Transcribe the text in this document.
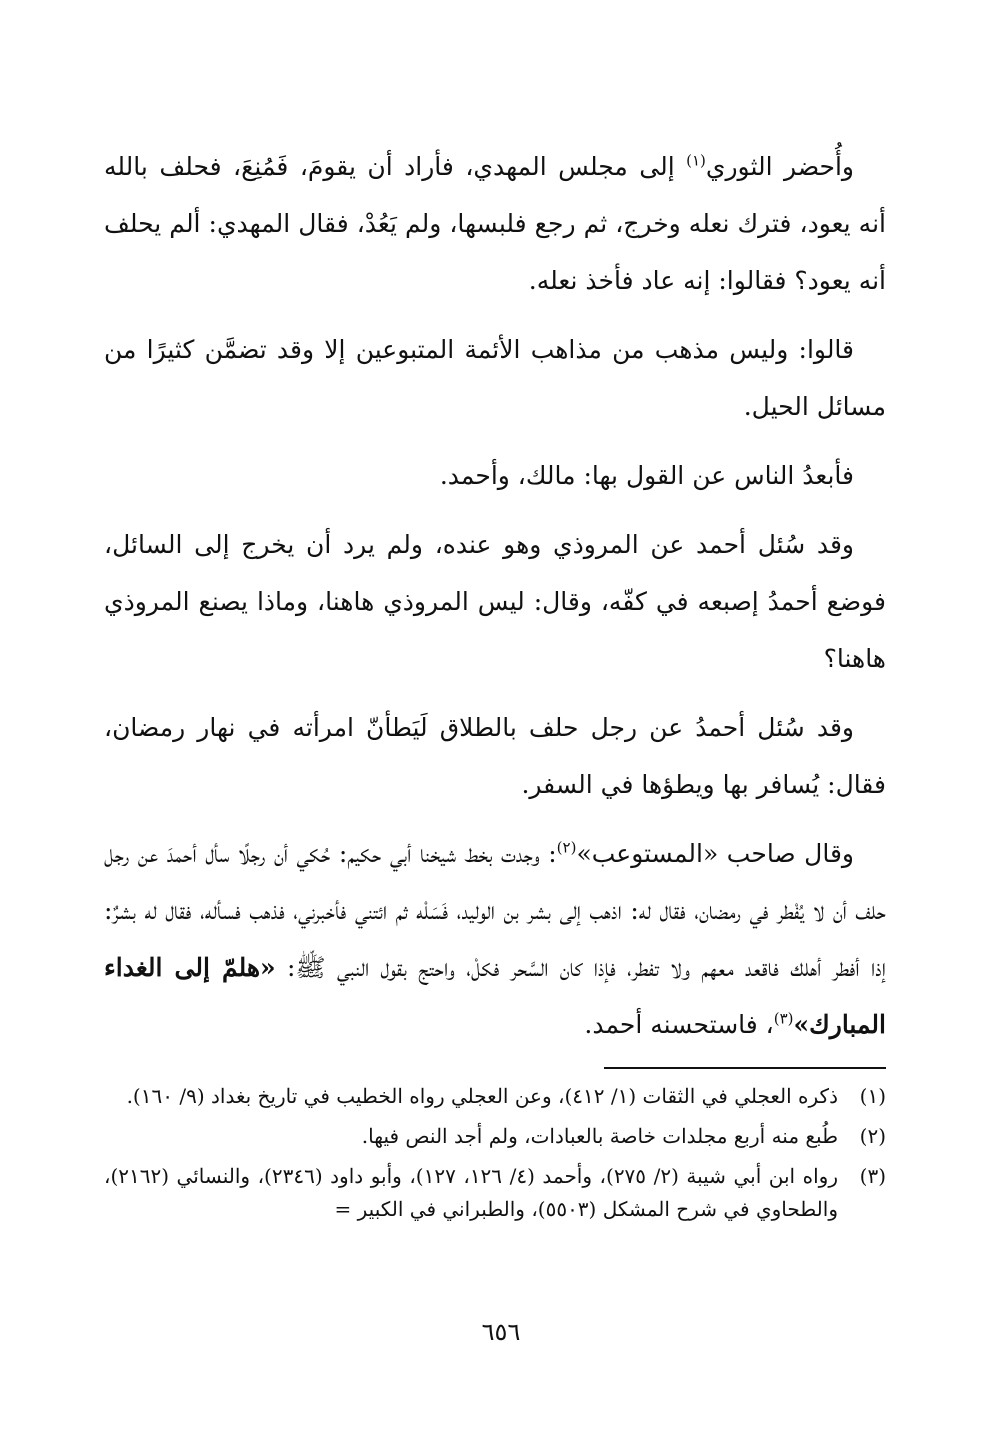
وأُحضر الثوري$^{(١)}$ إلى مجلس المهدي، فأراد أن يقومَ، فَمُنِعَ، فحلف بالله أنه يعود، فترك نعله وخرج، ثم رجع فلبسها، ولم يَعُدْ، فقال المهدي: ألم يحلف أنه يعود؟ فقالوا: إنه عاد فأخذ نعله.

قالوا: وليس مذهب من مذاهب الأئمة المتبوعين إلا وقد تضمَّن كثيرًا من مسائل الحيل.

فأبعدُ الناس عن القول بها: مالك، وأحمد.

وقد سُئل أحمد عن المروذي وهو عنده، ولم يرد أن يخرج إلى السائل، فوضع أحمدُ إصبعه في كفّه، وقال: ليس المروذي هاهنا، وماذا يصنع المروذي هاهنا؟

وقد سُئل أحمدُ عن رجل حلف بالطلاق لَيَطأنّ امرأته في نهار رمضان، فقال: يُسافر بها ويطؤها في السفر.

وقال صاحب «المستوعب»$^{(٢)}$: وجدت بخط شيخنا أبي حكيم: حُكي أن رجلًا سأل أحمدَ عن رجل حلف أن لا يُفْطر في رمضان، فقال له: اذهب إلى بشر بن الوليد، فَسَلْه ثم ائتني فأخبرني، فذهب فسأله، فقال له بشرٌ: إذا أفطر أهلك فاقعد معهم ولا تفطر، فإذا كان السَّحر فكلْ، واحتج بقول النبي ﷺ: «هلمّ إلى الغداء المبارك»$^{(٣)}$، فاستحسنه أحمد.

(١)
ذكره العجلي في الثقات (١/ ٤١٢)، وعن العجلي رواه الخطيب في تاريخ بغداد (٩/ ١٦٠).

(٢)
طُبع منه أربع مجلدات خاصة بالعبادات، ولم أجد النص فيها.

(٣)
رواه ابن أبي شيبة (٢/ ٢٧٥)، وأحمد (٤/ ١٢٦، ١٢٧)، وأبو داود (٢٣٤٦)، والنسائي (٢١٦٢)، والطحاوي في شرح المشكل (٥٥٠٣)، والطبراني في الكبير =

٦٥٦
